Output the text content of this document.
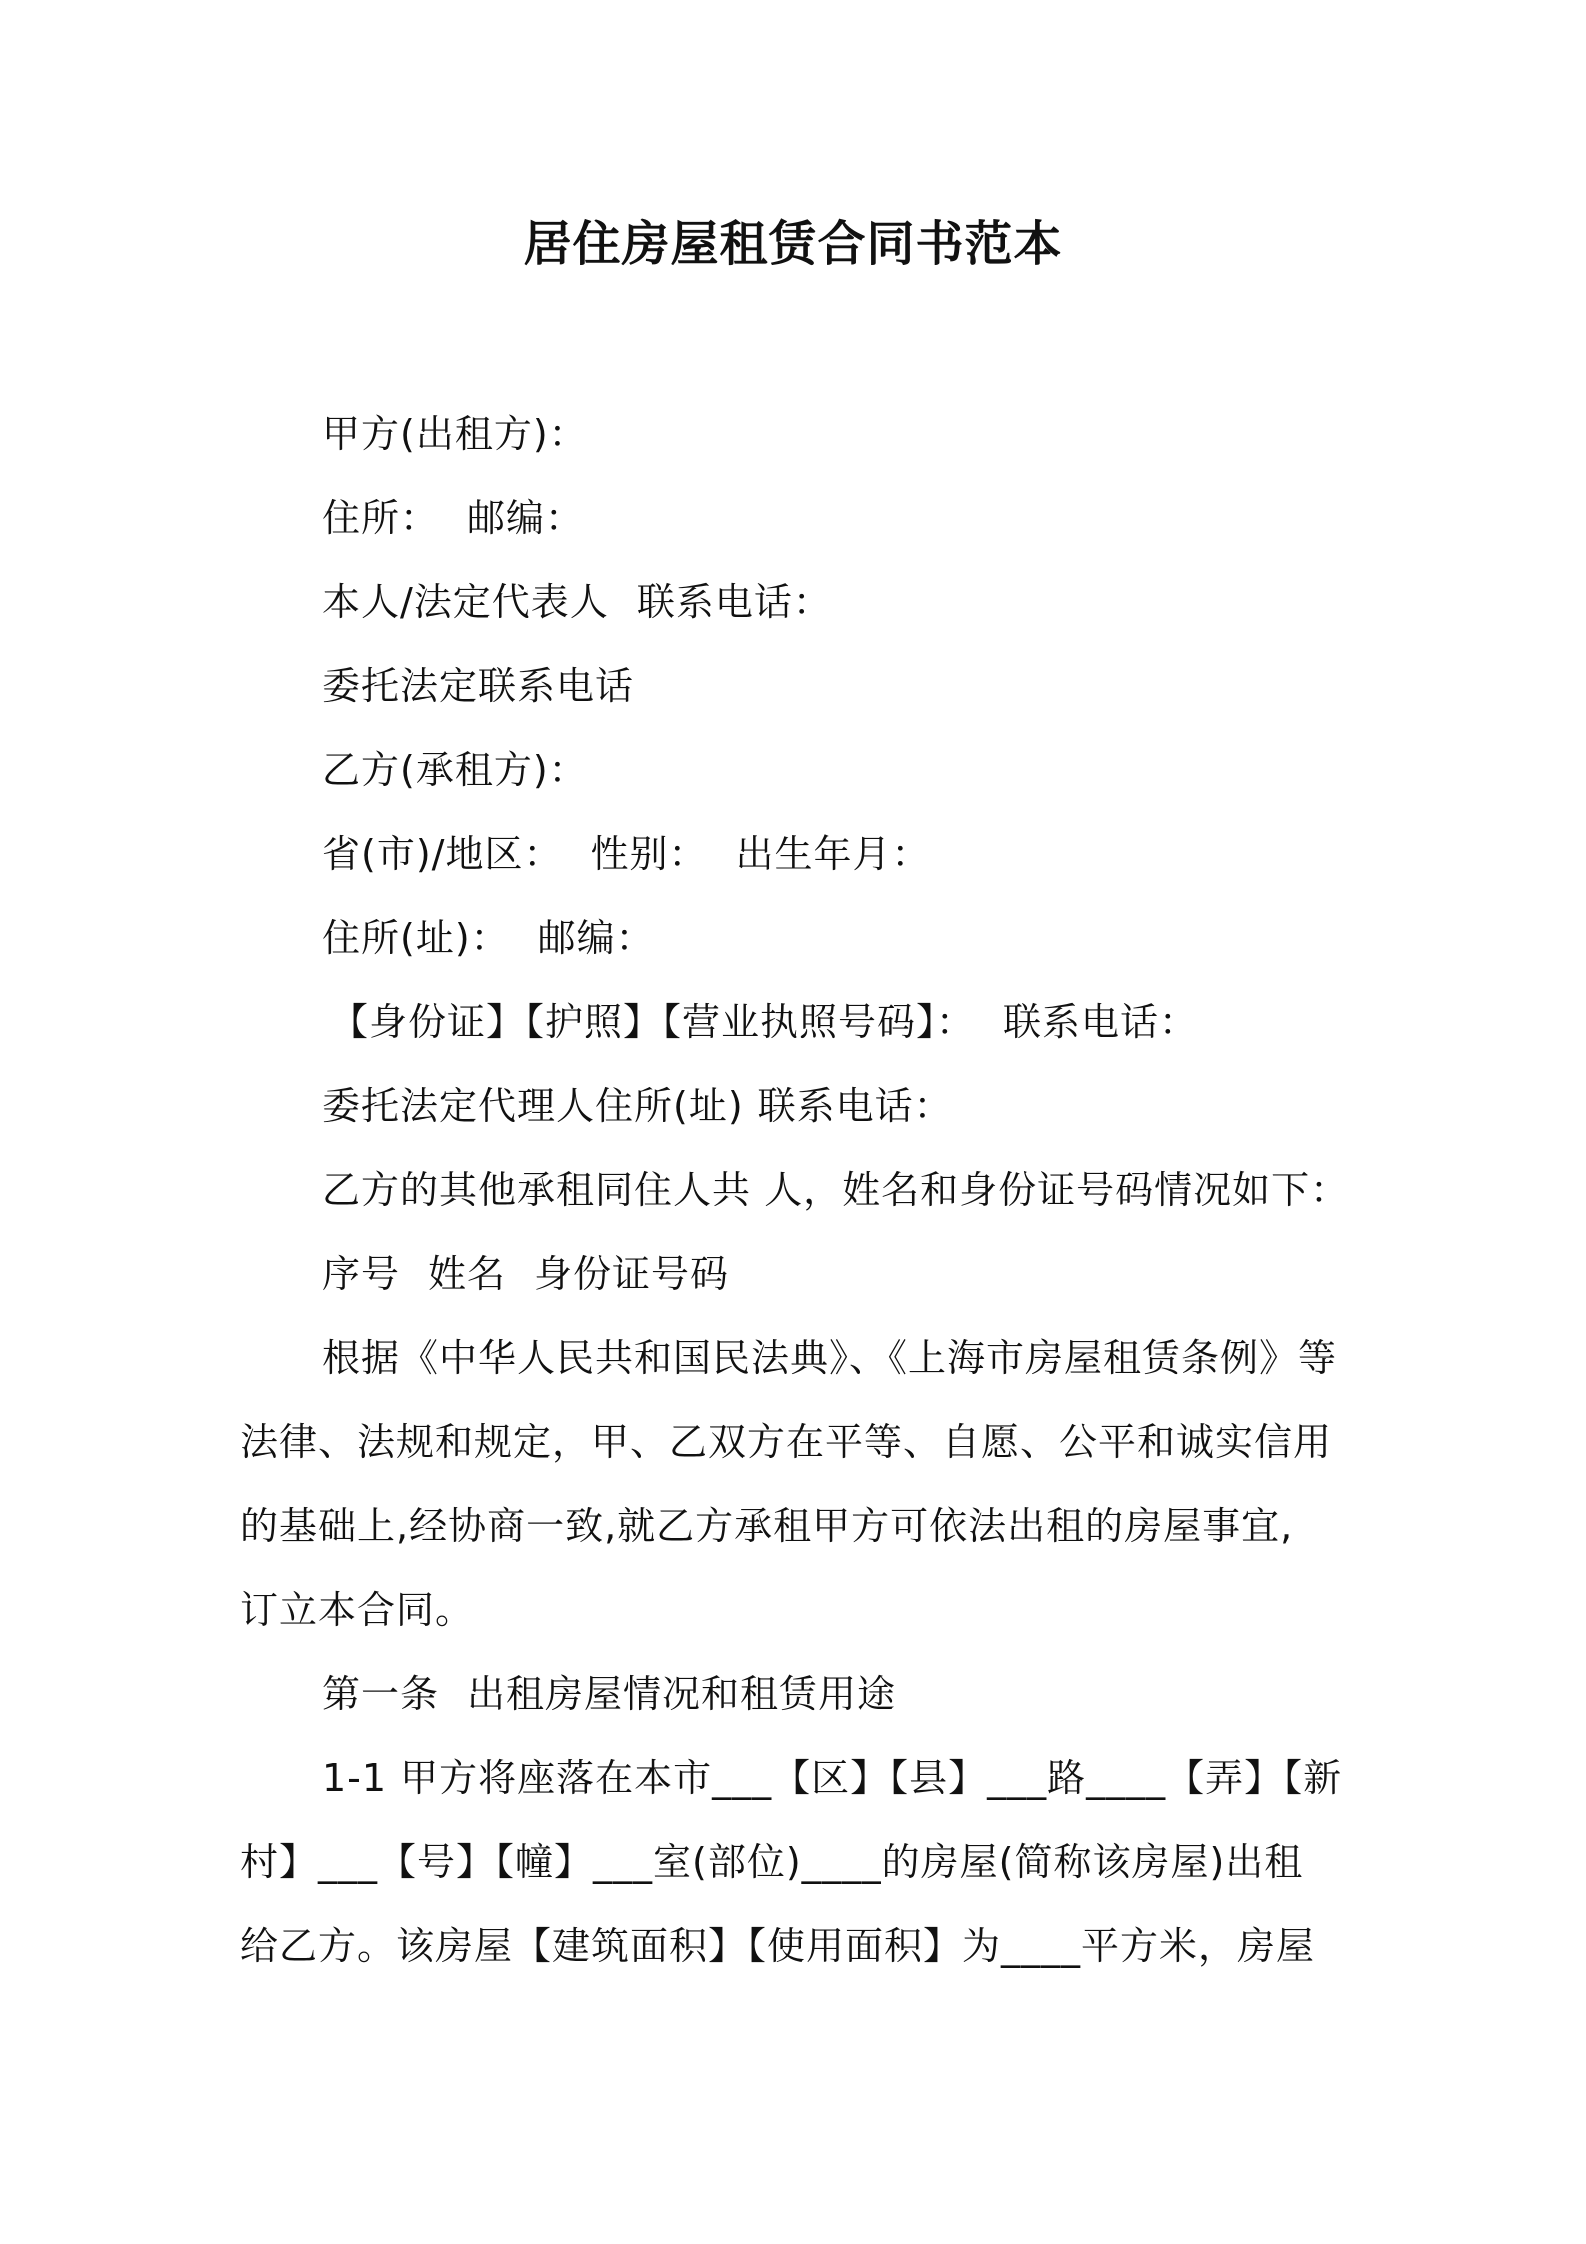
居住房屋租赁合同书范本
甲方(出租方)：
住所： 邮编：
本人/法定代表人 联系电话：
委托法定联系电话
乙方(承租方)：
省(市)/地区： 性别： 出生年月：
住所(址)： 邮编：
【身份证】【护照】【营业执照号码】： 联系电话：
委托法定代理人住所(址) 联系电话：
乙方的其他承租同住人共 人，姓名和身份证号码情况如下：
序号 姓名 身份证号码
根据《中华人民共和国民法典》、《上海市房屋租赁条例》等
法律、法规和规定，甲、乙双方在平等、自愿、公平和诚实信用
的基础上,经协商一致,就乙方承租甲方可依法出租的房屋事宜,
订立本合同。
第一条 出租房屋情况和租赁用途
1-1 甲方将座落在本市___【区】【县】___路____【弄】【新
村】___【号】【幢】___室(部位)____的房屋(简称该房屋)出租
给乙方。该房屋【建筑面积】【使用面积】为____平方米，房屋
